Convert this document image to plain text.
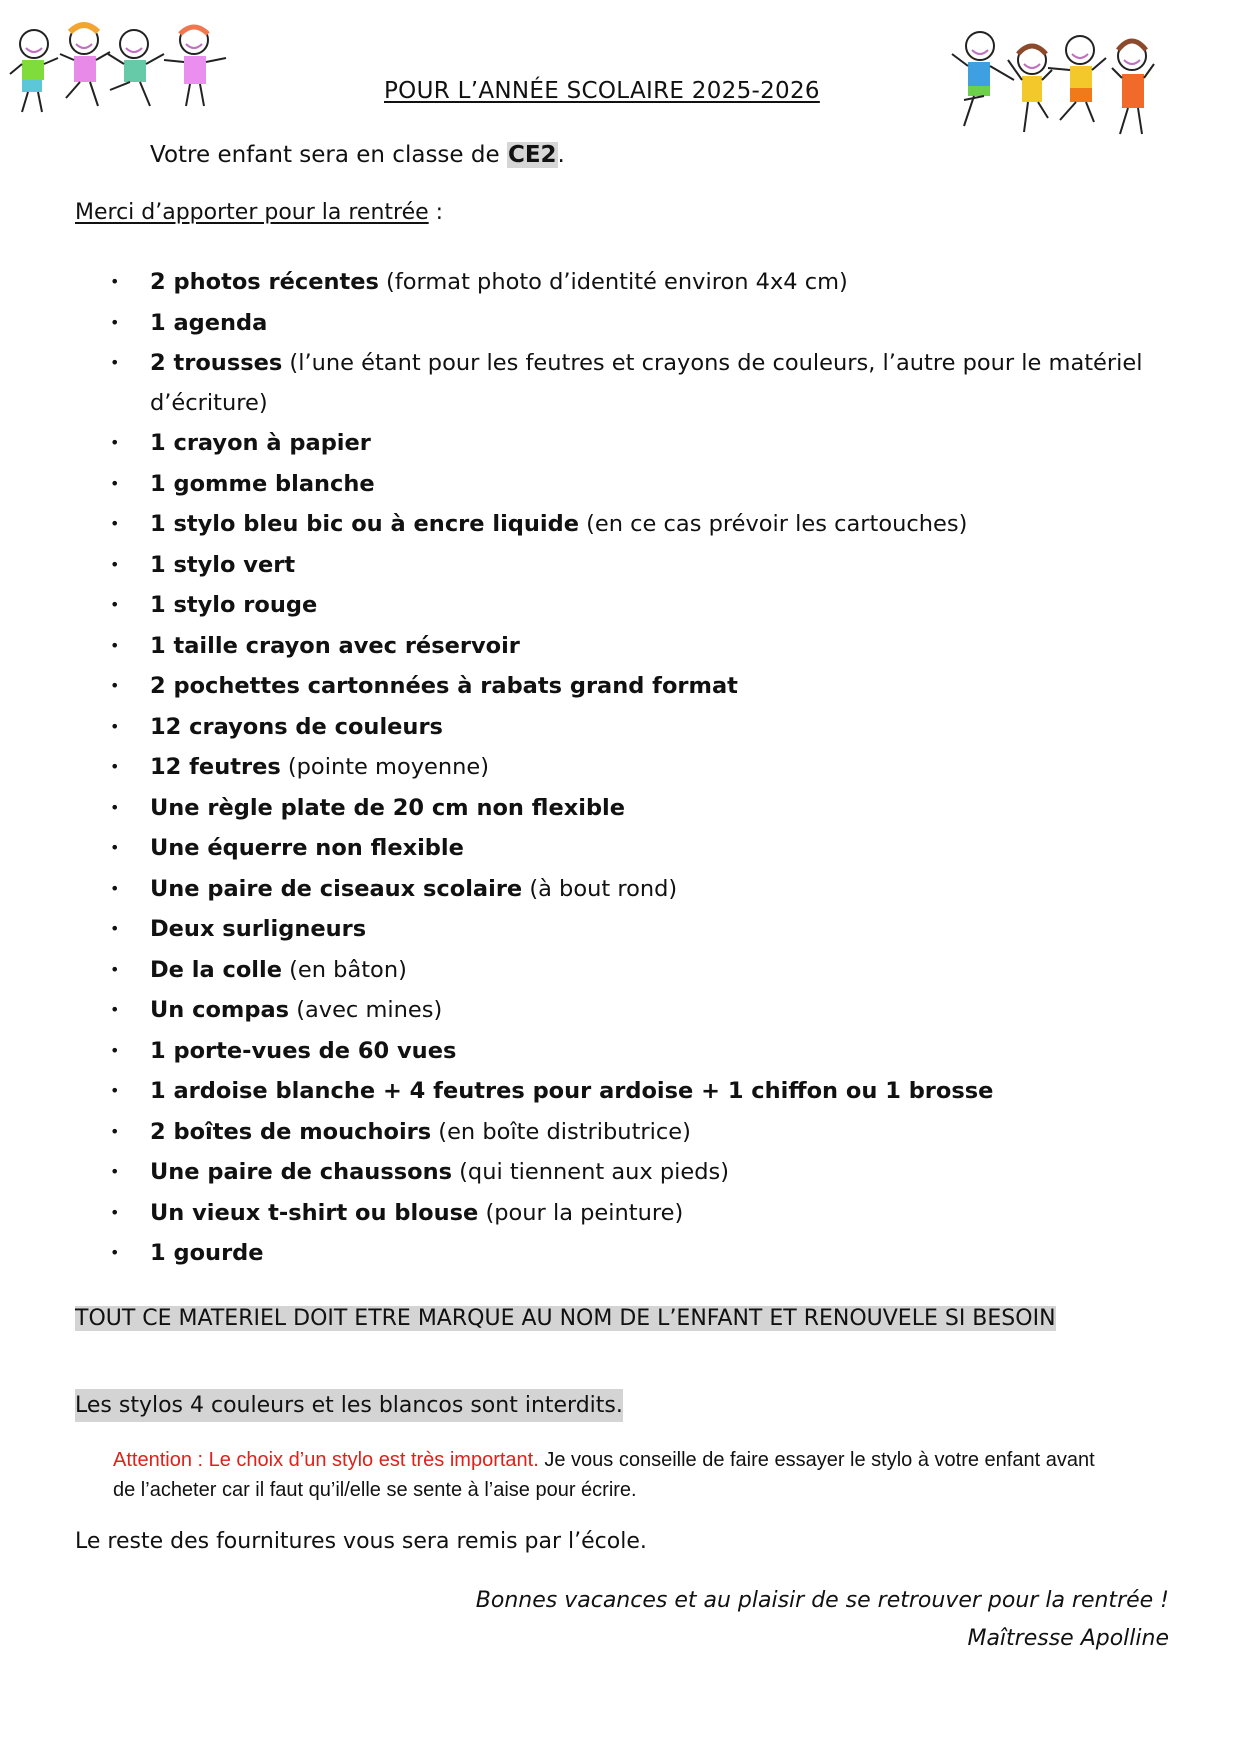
POUR L’ANNÉE SCOLAIRE 2025-2026
Votre enfant sera en classe de CE2.
Merci d’apporter pour la rentrée :
• 2 photos récentes (format photo d’identité environ 4x4 cm)
• 1 agenda
• 2 trousses (l’une étant pour les feutres et crayons de couleurs, l’autre pour le matériel d’écriture)
• 1 crayon à papier
• 1 gomme blanche
• 1 stylo bleu bic ou à encre liquide (en ce cas prévoir les cartouches)
• 1 stylo vert
• 1 stylo rouge
• 1 taille crayon avec réservoir
• 2 pochettes cartonnées à rabats grand format
• 12 crayons de couleurs
• 12 feutres (pointe moyenne)
• Une règle plate de 20 cm non flexible
• Une équerre non flexible
• Une paire de ciseaux scolaire (à bout rond)
• Deux surligneurs
• De la colle (en bâton)
• Un compas (avec mines)
• 1 porte-vues de 60 vues
• 1 ardoise blanche + 4 feutres pour ardoise + 1 chiffon ou 1 brosse
• 2 boîtes de mouchoirs (en boîte distributrice)
• Une paire de chaussons (qui tiennent aux pieds)
• Un vieux t-shirt ou blouse (pour la peinture)
• 1 gourde
TOUT CE MATERIEL DOIT ETRE MARQUE AU NOM DE L’ENFANT ET RENOUVELE SI BESOIN
Les stylos 4 couleurs et les blancos sont interdits.
Attention : Le choix d’un stylo est très important. Je vous conseille de faire essayer le stylo à votre enfant avant de l’acheter car il faut qu’il/elle se sente à l’aise pour écrire.
Le reste des fournitures vous sera remis par l’école.
Bonnes vacances et au plaisir de se retrouver pour la rentrée !
Maîtresse Apolline
